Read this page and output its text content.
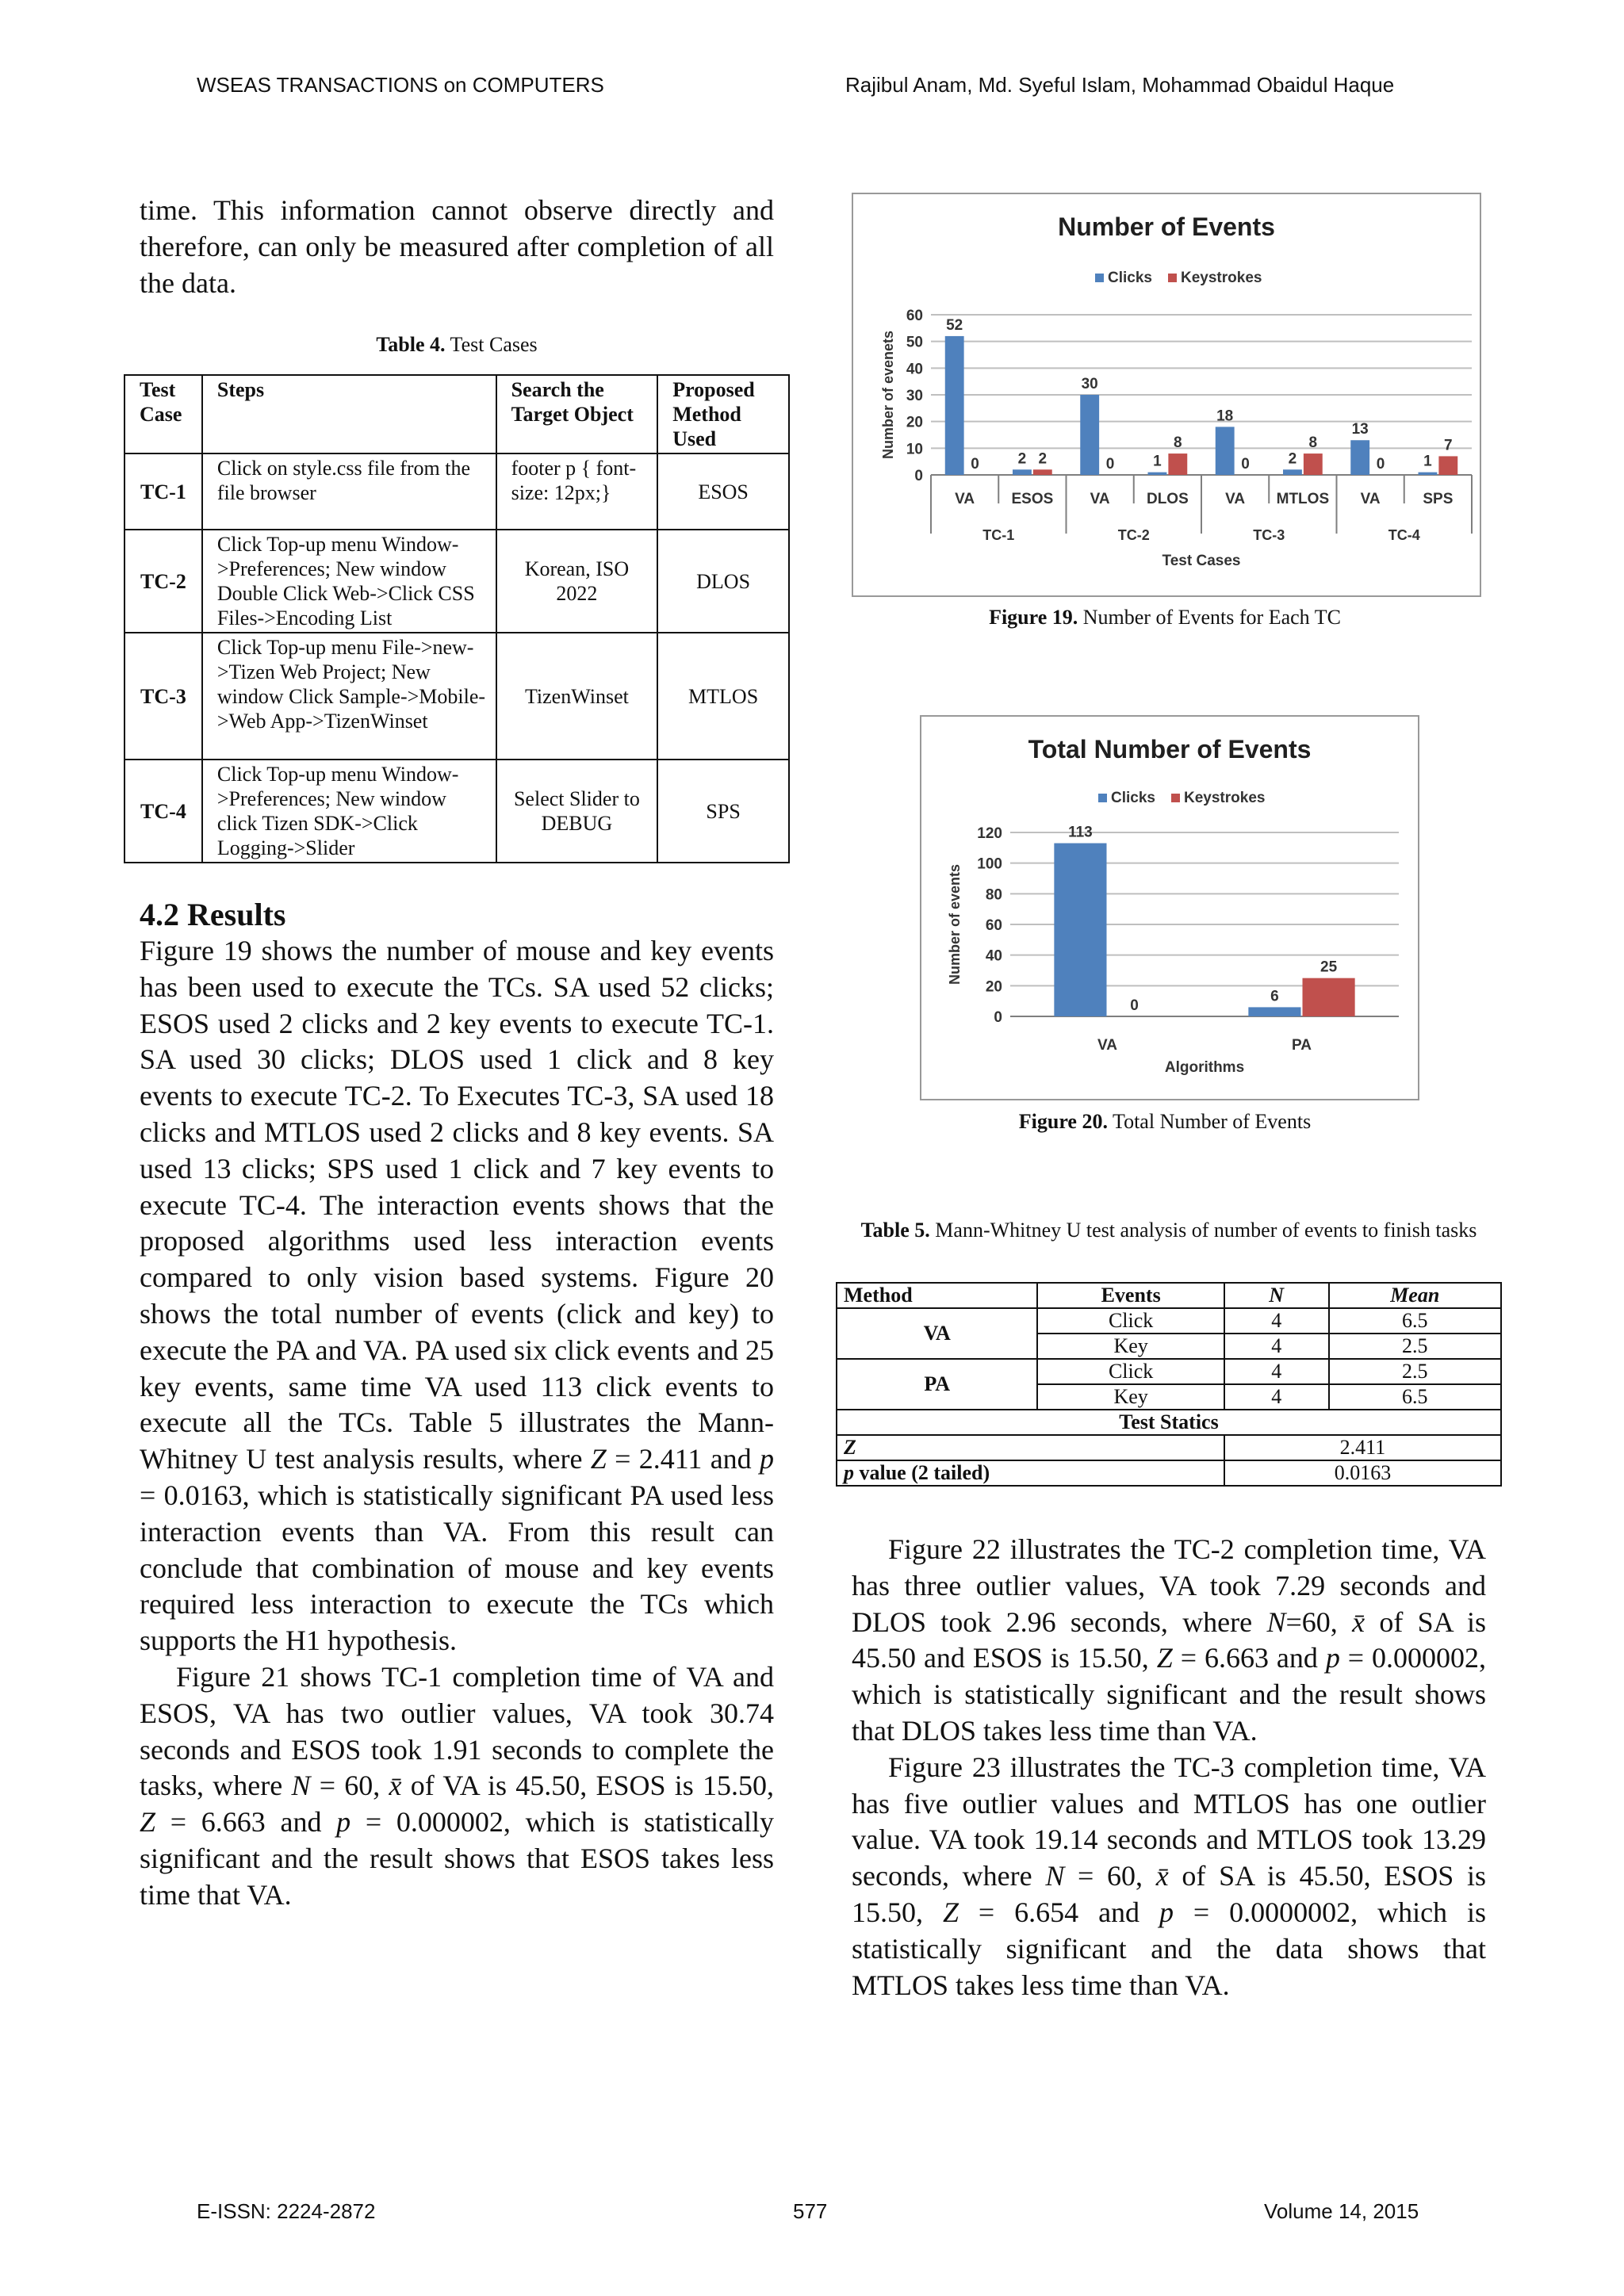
WSEAS TRANSACTIONS on COMPUTERS	Rajibul Anam, Md. Syeful Islam, Mohammad Obaidul Haque

time. This information cannot observe directly and therefore, can only be measured after completion of all the data.

Table 4. Test Cases
Test Case	Steps	Search the Target Object	Proposed Method Used
TC-1	Click on style.css file from the file browser	footer p { font-size: 12px;}	ESOS
TC-2	Click Top-up menu Window->Preferences; New window Double Click Web->Click CSS Files->Encoding List	Korean, ISO 2022	DLOS
TC-3	Click Top-up menu File->new->Tizen Web Project; New window Click Sample->Mobile->Web App->TizenWinset	TizenWinset	MTLOS
TC-4	Click Top-up menu Window->Preferences; New window click Tizen SDK->Click Logging->Slider	Select Slider to DEBUG	SPS
4.2 Results

Figure 19 shows the number of mouse and key events has been used to execute the TCs. SA used 52 clicks; ESOS used 2 clicks and 2 key events to execute TC-1. SA used 30 clicks; DLOS used 1 click and 8 key events to execute TC-2. To Executes TC-3, SA used 18 clicks and MTLOS used 2 clicks and 8 key events. SA used 13 clicks; SPS used 1 click and 7 key events to execute TC-4. The interaction events shows that the proposed algorithms used less interaction events compared to only vision based systems. Figure 20 shows the total number of events (click and key) to execute the PA and VA. PA used six click events and 25 key events, same time VA used 113 click events to execute all the TCs. Table 5 illustrates the Mann-Whitney U test analysis results, where Z = 2.411 and p = 0.0163, which is statistically significant PA used less interaction events than VA. From this result can conclude that combination of mouse and key events required less interaction to execute the TCs which supports the H1 hypothesis.

Figure 21 shows TC-1 completion time of VA and ESOS, VA has two outlier values, VA took 30.74 seconds and ESOS took 1.91 seconds to complete the tasks, where N = 60, x̄ of VA is 45.50, ESOS is 15.50, Z = 6.663 and p = 0.000002, which is statistically significant and the result shows that ESOS takes less time that VA.

Number of Events
Clicks Keystrokes
0
10
20
30
40
50
60
Number of evenets
52
0
VA
2 2
ESOS
30
0
VA
1
8
DLOS
18
0
VA
2
8
MTLOS
13
0
VA
1
7
SPS
TC-1	TC-2	TC-3	TC-4
Test Cases
Figure 19. Number of Events for Each TC
Total Number of Events
Clicks Keystrokes
0
20
40
60
80
100
120
Number of events
113
0
VA
6
25
PA
Algorithms
Figure 20. Total Number of Events
Table 5. Mann-Whitney U test analysis of number of events to finish tasks
Method	Events	N	Mean
VA	Click	4	6.5
	Key	4	2.5
PA	Click	4	2.5
	Key	4	6.5
Test Statics			
Z		2.411	
p value (2 tailed)		0.0163	

Figure 22 illustrates the TC-2 completion time, VA has three outlier values, VA took 7.29 seconds and DLOS took 2.96 seconds, where N=60, x̄ of SA is 45.50 and ESOS is 15.50, Z = 6.663 and p = 0.000002, which is statistically significant and the result shows that DLOS takes less time than VA.

Figure 23 illustrates the TC-3 completion time, VA has five outlier values and MTLOS has one outlier value. VA took 19.14 seconds and MTLOS took 13.29 seconds, where N = 60, x̄ of SA is 45.50, ESOS is 15.50, Z = 6.654 and p = 0.0000002, which is statistically significant and the data shows that MTLOS takes less time than VA.

E-ISSN: 2224-2872	577	Volume 14, 2015
